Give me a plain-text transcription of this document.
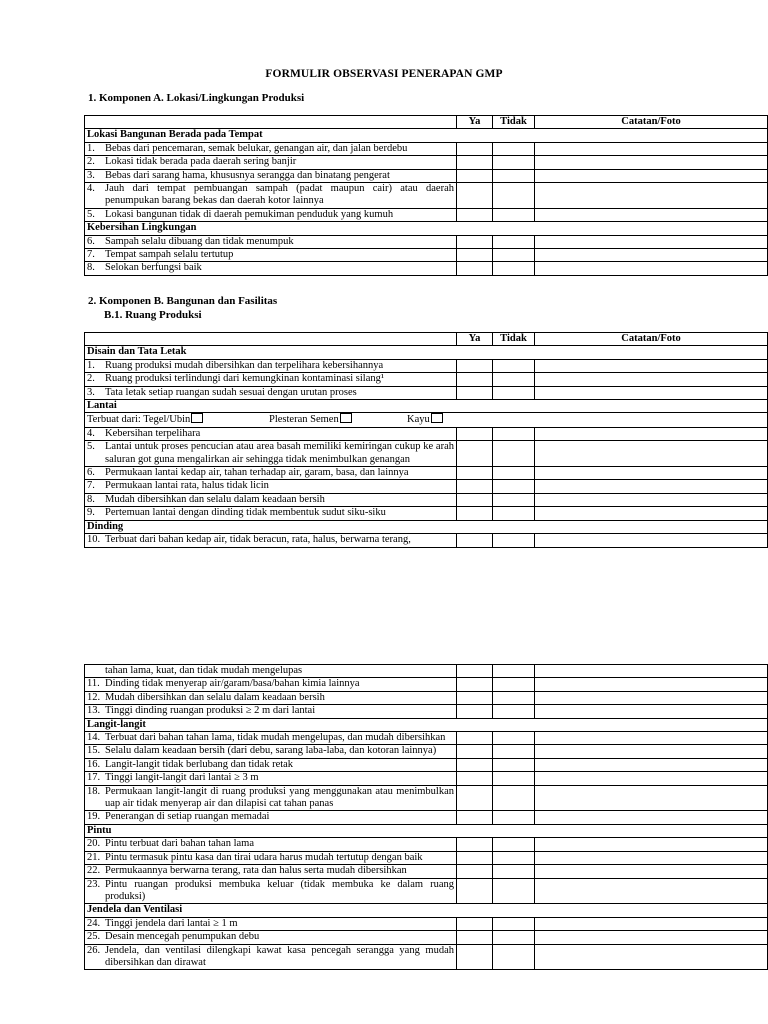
FORMULIR OBSERVASI PENERAPAN GMP
1. Komponen A. Lokasi/Lingkungan Produksi
	Ya	Tidak	Catatan/Foto
Lokasi Bangunan Berada pada Tempat			

1. Bebas dari pencemaran, semak belukar, genangan air, dan jalan berdebu			

2. Lokasi tidak berada pada daerah sering banjir			

3. Bebas dari sarang hama, khususnya serangga dan binatang pengerat			

4. Jauh dari tempat pembuangan sampah (padat maupun cair) atau daerah penumpukan barang bekas dan daerah kotor lainnya			

5. Lokasi bangunan tidak di daerah pemukiman penduduk yang kumuh			

Kebersihan Lingkungan			

6. Sampah selalu dibuang dan tidak menumpuk			

7. Tempat sampah selalu tertutup			

8. Selokan berfungsi baik			

2. Komponen B. Bangunan dan Fasilitas
B.1. Ruang Produksi
	Ya	Tidak	Catatan/Foto
Disain dan Tata Letak			

1. Ruang produksi mudah dibersihkan dan terpelihara kebersihannya			

2. Ruang produksi terlindungi dari kemungkinan kontaminasi silang¹			

3. Tata letak setiap ruangan sudah sesuai dengan urutan proses			

Lantai			

Terbuat dari: Tegel/Ubin Plesteran Semen Kayu			

4. Kebersihan terpelihara			

5. Lantai untuk proses pencucian atau area basah memiliki kemiringan cukup ke arah saluran got guna mengalirkan air sehingga tidak menimbulkan genangan			

6. Permukaan lantai kedap air, tahan terhadap air, garam, basa, dan lainnya			

7. Permukaan lantai rata, halus tidak licin			

8. Mudah dibersihkan dan selalu dalam keadaan bersih			

9. Pertemuan lantai dengan dinding tidak membentuk sudut siku-siku			

Dinding			

10. Terbuat dari bahan kedap air, tidak beracun, rata, halus, berwarna terang,			

tahan lama, kuat, dan tidak mudah mengelupas			

11. Dinding tidak menyerap air/garam/basa/bahan kimia lainnya			

12. Mudah dibersihkan dan selalu dalam keadaan bersih			

13. Tinggi dinding ruangan produksi ≥ 2 m dari lantai			

Langit-langit			

14. Terbuat dari bahan tahan lama, tidak mudah mengelupas, dan mudah dibersihkan			

15. Selalu dalam keadaan bersih (dari debu, sarang laba-laba, dan kotoran lainnya)			

16. Langit-langit tidak berlubang dan tidak retak			

17. Tinggi langit-langit dari lantai ≥ 3 m			

18. Permukaan langit-langit di ruang produksi yang menggunakan atau menimbulkan uap air tidak menyerap air dan dilapisi cat tahan panas			

19. Penerangan di setiap ruangan memadai			

Pintu			

20. Pintu terbuat dari bahan tahan lama			

21. Pintu termasuk pintu kasa dan tirai udara harus mudah tertutup dengan baik			

22. Permukaannya berwarna terang, rata dan halus serta mudah dibersihkan			

23. Pintu ruangan produksi membuka keluar (tidak membuka ke dalam ruang produksi)			

Jendela dan Ventilasi			

24. Tinggi jendela dari lantai ≥ 1 m			

25. Desain mencegah penumpukan debu			

26. Jendela, dan ventilasi dilengkapi kawat kasa pencegah serangga yang mudah dibersihkan dan dirawat			
